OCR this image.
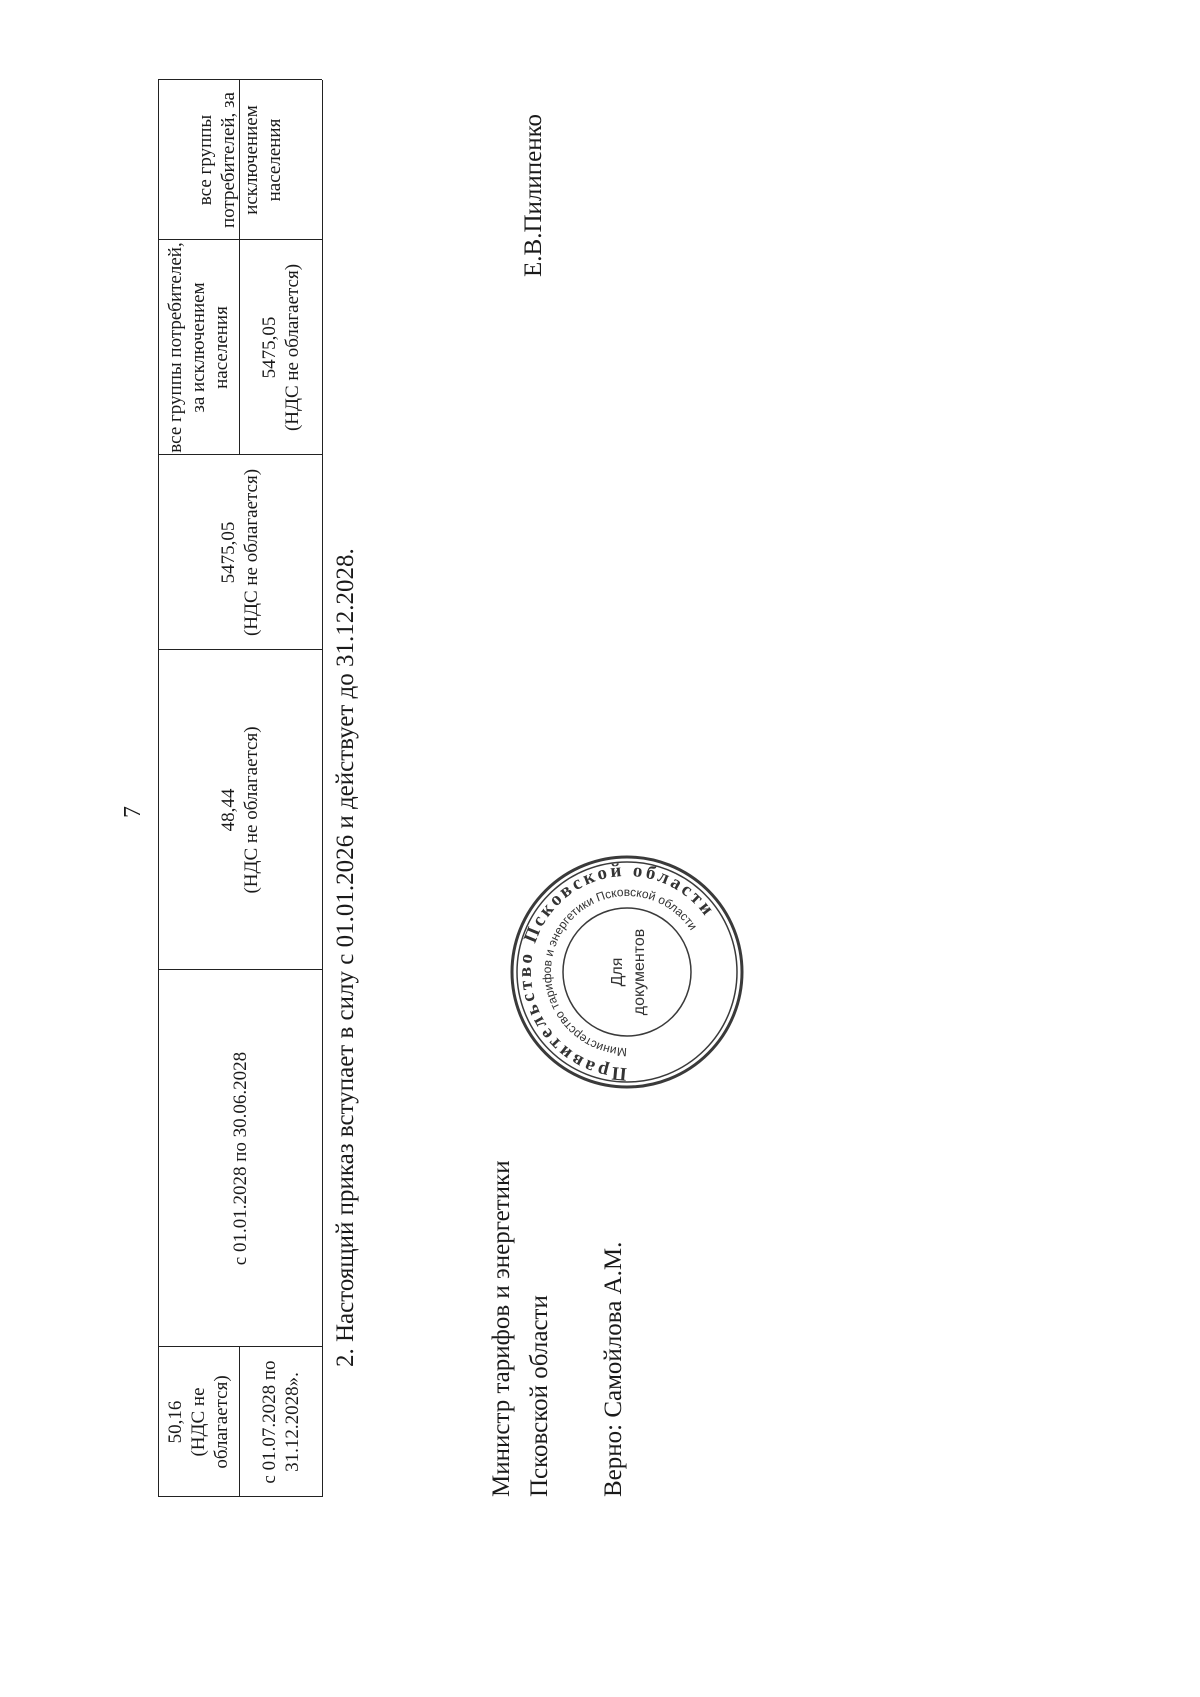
7
все группы потребителей, за исключением населения
5475,05 (НДС не облагается)
48,44 (НДС не облагается)
с 01.01.2028 по 30.06.2028
все группы потребителей, за исключением населения
5475,05 (НДС не облагается)
50,16 (НДС не облагается) с 01.07.2028 по 31.12.2028».
2. Настоящий приказ вступает в силу с 01.01.2026 и действует до 31.12.2028.	Министр тарифов и энергетики Псковской области Верно: Самойлова А.М.
Е.В.Пилипенко
Правительство Псковской области
Министерство тарифов и энергетики Псковской области
Для документов
